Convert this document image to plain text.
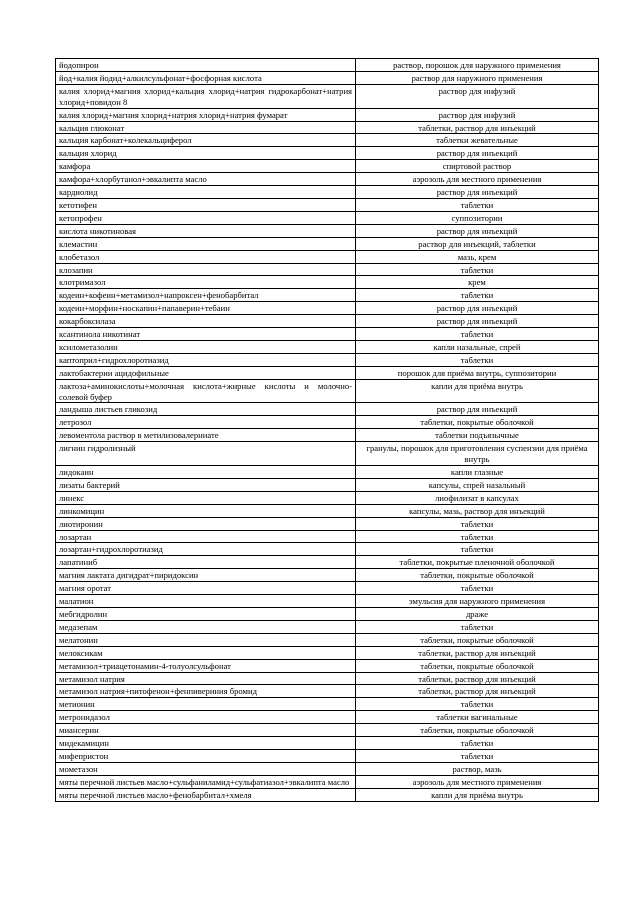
йодопирон	раствор, порошок для наружного применения
йод+калия йодид+алкилсульфонат+фосфорная кислота	раствор для наружного применения
калия хлорид+магния хлорид+кальция хлорид+натрия гидрокарбонат+натрия хлорид+повидон 8	раствор для инфузий
калия хлорид+магния хлорид+натрия хлорид+натрия фумарат	раствор для инфузий
кальция глюконат	таблетки, раствор для инъекций
кальция карбонат+колекальциферол	таблетки жевательные
кальция хлорид	раствор для инъекций
камфора	спиртовой раствор
камфора+хлорбутанол+эвкалипта масло	аэрозоль для местного применения
кардиолид	раствор для инъекций
кетотифен	таблетки
кетопрофен	суппозитории
кислота никотиновая	раствор для инъекций
клемастин	раствор для инъекций, таблетки
клобетазол	мазь, крем
клозапин	таблетки
клотримазол	крем
кодеин+кофеин+метамизол+напроксен+фенобарбитал	таблетки
кодеин+морфин+носкапин+папаверин+тебаин	раствор для инъекций
кокарбоксилаза	раствор для инъекций
ксантинола никотинат	таблетки
ксилометазолин	капли назальные, спрей
каптоприл+гидрохлоротиазид	таблетки
лактобактерии ацидофильные	порошок для приёма внутрь, суппозитории
лактоза+аминокислоты+молочная кислота+жирные кислоты и молочно-солевой буфер	капли для приёма внутрь
ландыша листьев гликозид	раствор для инъекций
летрозол	таблетки, покрытые оболочкой
левоментола раствор в метилизовалерниате	таблетки подъязычные
лигнин гидролизный	гранулы, порошок для приготовления суспензии для приёма внутрь
лидокаин	капли глазные
лизаты бактерий	капсулы, спрей назальный
линекс	лиофилизат в капсулах
линкомицин	капсулы, мазь, раствор для инъекций
лиотиронин	таблетки
лозартан	таблетки
лозартан+гидрохлоротиазид	таблетки
лапатиниб	таблетки, покрытые пленочной оболочкой
магния лактата дигидрат+пиридоксин	таблетки, покрытые оболочкой
магния оротат	таблетки
малатион	эмульсия для наружного применения
мебгидролин	драже
медазепам	таблетки
мелатонин	таблетки, покрытые оболочкой
мелоксикам	таблетки, раствор для инъекций
метамизол+триацетонамин-4-толуолсульфонат	таблетки, покрытые оболочкой
метамизол натрия	таблетки, раствор для инъекций
метамизол натрия+питофенон+фенпивериния бромид	таблетки, раствор для инъекций
метионин	таблетки
метронидазол	таблетки вагинальные
миансерин	таблетки, покрытые оболочкой
мидекамицин	таблетки
мифепристон	таблетки
мометазон	раствор, мазь
мяты перечной листьев масло+сульфаниламид+сульфатиазол+эвкалипта масло	аэрозоль для местного применения
мяты перечной листьев масло+фенобарбитал+хмеля	капли для приёма внутрь
